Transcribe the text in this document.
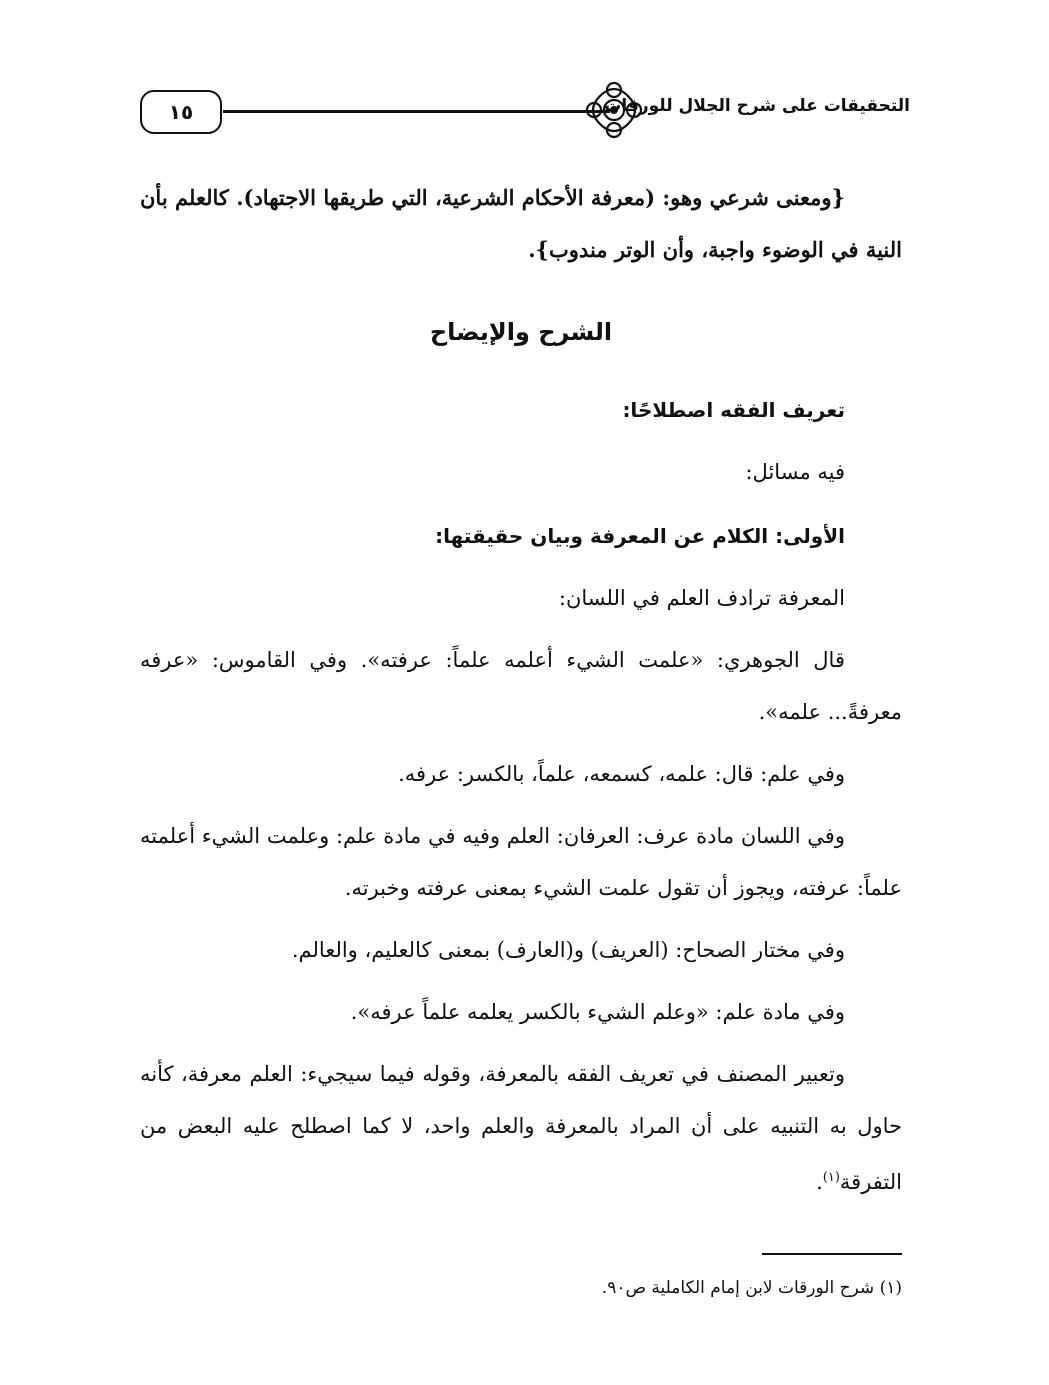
١٥	التحقيقات على شرح الجلال للورقات

{ومعنى شرعي وهو: (معرفة الأحكام الشرعية، التي طريقها الاجتهاد). كالعلم بأن النية في الوضوء واجبة، وأن الوتر مندوب}.

الشرح والإيضاح
تعريف الفقه اصطلاحًا:

فيه مسائل:

الأولى: الكلام عن المعرفة وبيان حقيقتها:

المعرفة ترادف العلم في اللسان:

قال الجوهري: «علمت الشيء أعلمه علماً: عرفته». وفي القاموس: «عرفه معرفةً... علمه».

وفي علم: قال: علمه، كسمعه، علماً، بالكسر: عرفه.

وفي اللسان مادة عرف: العرفان: العلم وفيه في مادة علم: وعلمت الشيء أعلمته علماً: عرفته، ويجوز أن تقول علمت الشيء بمعنى عرفته وخبرته.

وفي مختار الصحاح: (العريف) و(العارف) بمعنى كالعليم، والعالم.

وفي مادة علم: «وعلم الشيء بالكسر يعلمه علماً عرفه».

وتعبير المصنف في تعريف الفقه بالمعرفة، وقوله فيما سيجيء: العلم معرفة، كأنه حاول به التنبيه على أن المراد بالمعرفة والعلم واحد، لا كما اصطلح عليه البعض من التفرقة$^{(١)}$.

(١) شرح الورقات لابن إمام الكاملية ص٩٠.
